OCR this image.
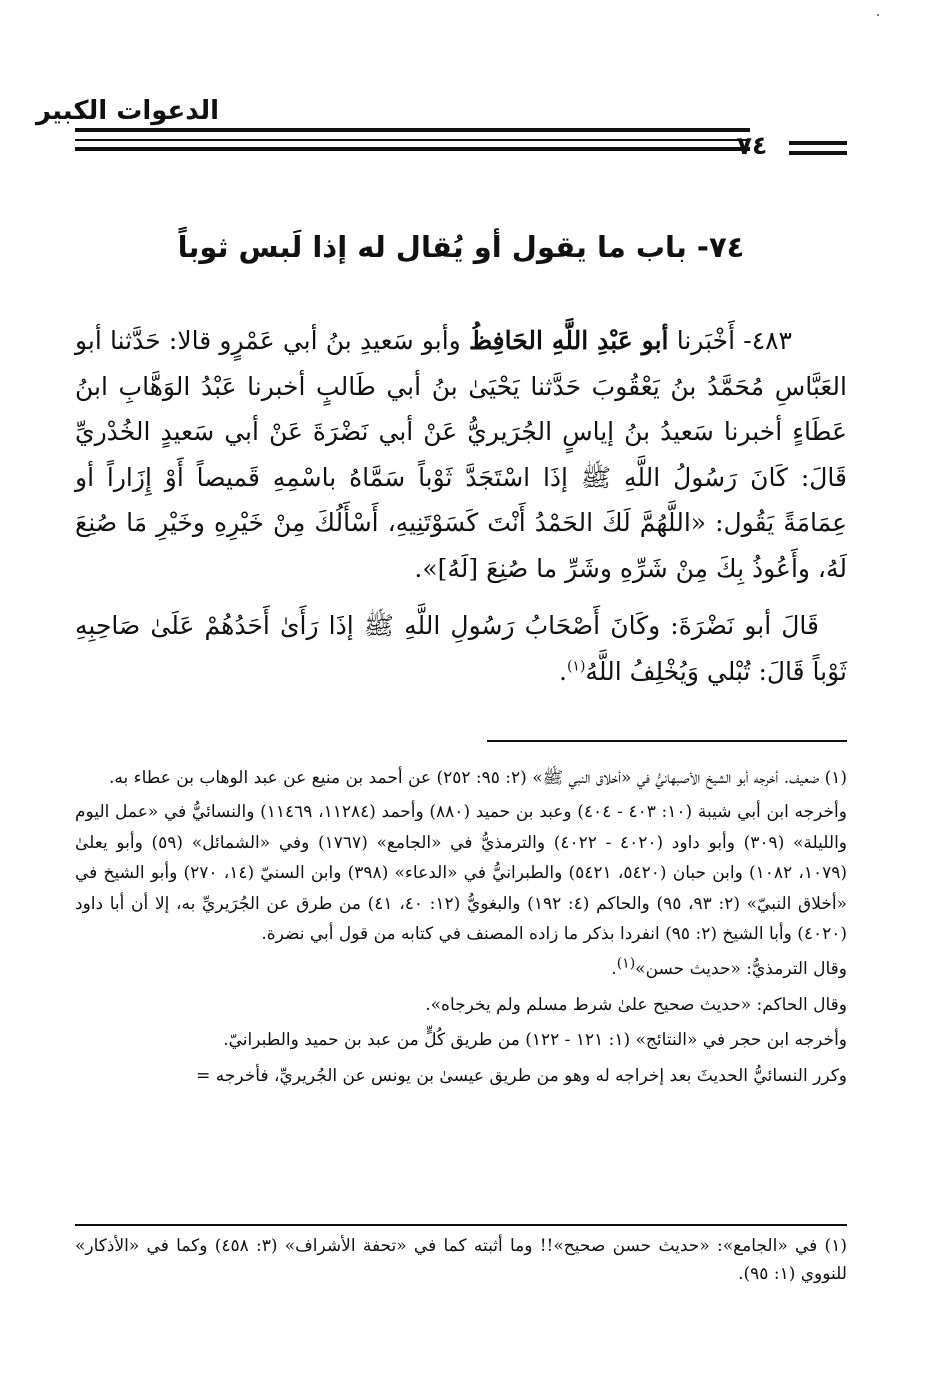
الدعوات الكبير
٧٤
٧٤- باب ما يقول أو يُقال له إذا لَبس ثوباً

٤٨٣- أَخْبَرنا أبو عَبْدِ اللَّهِ الحَافِظُ وأبو سَعيدِ بنُ أبي عَمْرٍو قالا: حَدَّثنا أبو العَبَّاسِ مُحَمَّدُ بنُ يَعْقُوبَ حَدَّثنا يَحْيَىٰ بنُ أبي طَالبٍ أخبرنا عَبْدُ الوَهَّابِ ابنُ عَطَاءٍ أخبرنا سَعيدُ بنُ إياسٍ الجُرَيريُّ عَنْ أبي نَضْرَةَ عَنْ أبي سَعيدٍ الخُدْريِّ قَالَ: كَانَ رَسُولُ اللَّهِ ﷺ إذَا اسْتَجَدَّ ثَوْباً سَمَّاهُ باسْمِهِ قَميصاً أَوْ إِزَاراً أو عِمَامَةً يَقُول: «اللَّهُمَّ لَكَ الحَمْدُ أَنْتَ كَسَوْتَنِيهِ، أَسْأَلُكَ مِنْ خَيْرِهِ وخَيْرِ مَا صُنِعَ لَهُ، وأَعُوذُ بِكَ مِنْ شَرِّهِ وشَرِّ ما صُنِعَ [لَهُ]».

قَالَ أبو نَضْرَةَ: وكَانَ أَصْحَابُ رَسُولِ اللَّهِ ﷺ إذَا رَأَىٰ أَحَدُهُمْ عَلَىٰ صَاحِبِهِ ثَوْباً قَالَ: تُبْلي وَيُخْلِفُ اللَّهُ$^{(١)}$.

(١) ضعيف. أخرجه أبو الشيخ الأصبهانيُّ في «أخلاق النبي ﷺ» (٢: ٩٥: ٢٥٢) عن أحمد بن منيع عن عبد الوهاب بن عطاء به.

وأخرجه ابن أبي شيبة (١٠: ٤٠٣ - ٤٠٤) وعبد بن حميد (٨٨٠) وأحمد (١١٢٨٤، ١١٤٦٩) والنسائيُّ في «عمل اليوم والليلة» (٣٠٩) وأبو داود (٤٠٢٠ - ٤٠٢٢) والترمذيُّ في «الجامع» (١٧٦٧) وفي «الشمائل» (٥٩) وأبو يعلىٰ (١٠٧٩، ١٠٨٢) وابن حبان (٥٤٢٠، ٥٤٢١) والطبرانيُّ في «الدعاء» (٣٩٨) وابن السنيّ (١٤، ٢٧٠) وأبو الشيخ في «أخلاق النبيّ» (٢: ٩٣، ٩٥) والحاكم (٤: ١٩٢) والبغويُّ (١٢: ٤٠، ٤١) من طرق عن الجُرَيريِّ به، إلا أن أبا داود (٤٠٢٠) وأبا الشيخ (٢: ٩٥) انفردا بذكر ما زاده المصنف في كتابه من قول أبي نضرة.

وقال الترمذيُّ: «حديث حسن»$^{(١)}$.

وقال الحاكم: «حديث صحيح علىٰ شرط مسلم ولم يخرجاه».

وأخرجه ابن حجر في «النتائج» (١: ١٢١ - ١٢٢) من طريق كُلٍّ من عبد بن حميد والطبرانيّ.

وكرر النسائيُّ الحديثَ بعد إخراجه له وهو من طريق عيسىٰ بن يونس عن الجُريريِّ، فأخرجه =

(١) في «الجامع»: «حديث حسن صحيح»!! وما أثبته كما في «تحفة الأشراف» (٣: ٤٥٨) وكما في «الأذكار» للنووي (١: ٩٥).
